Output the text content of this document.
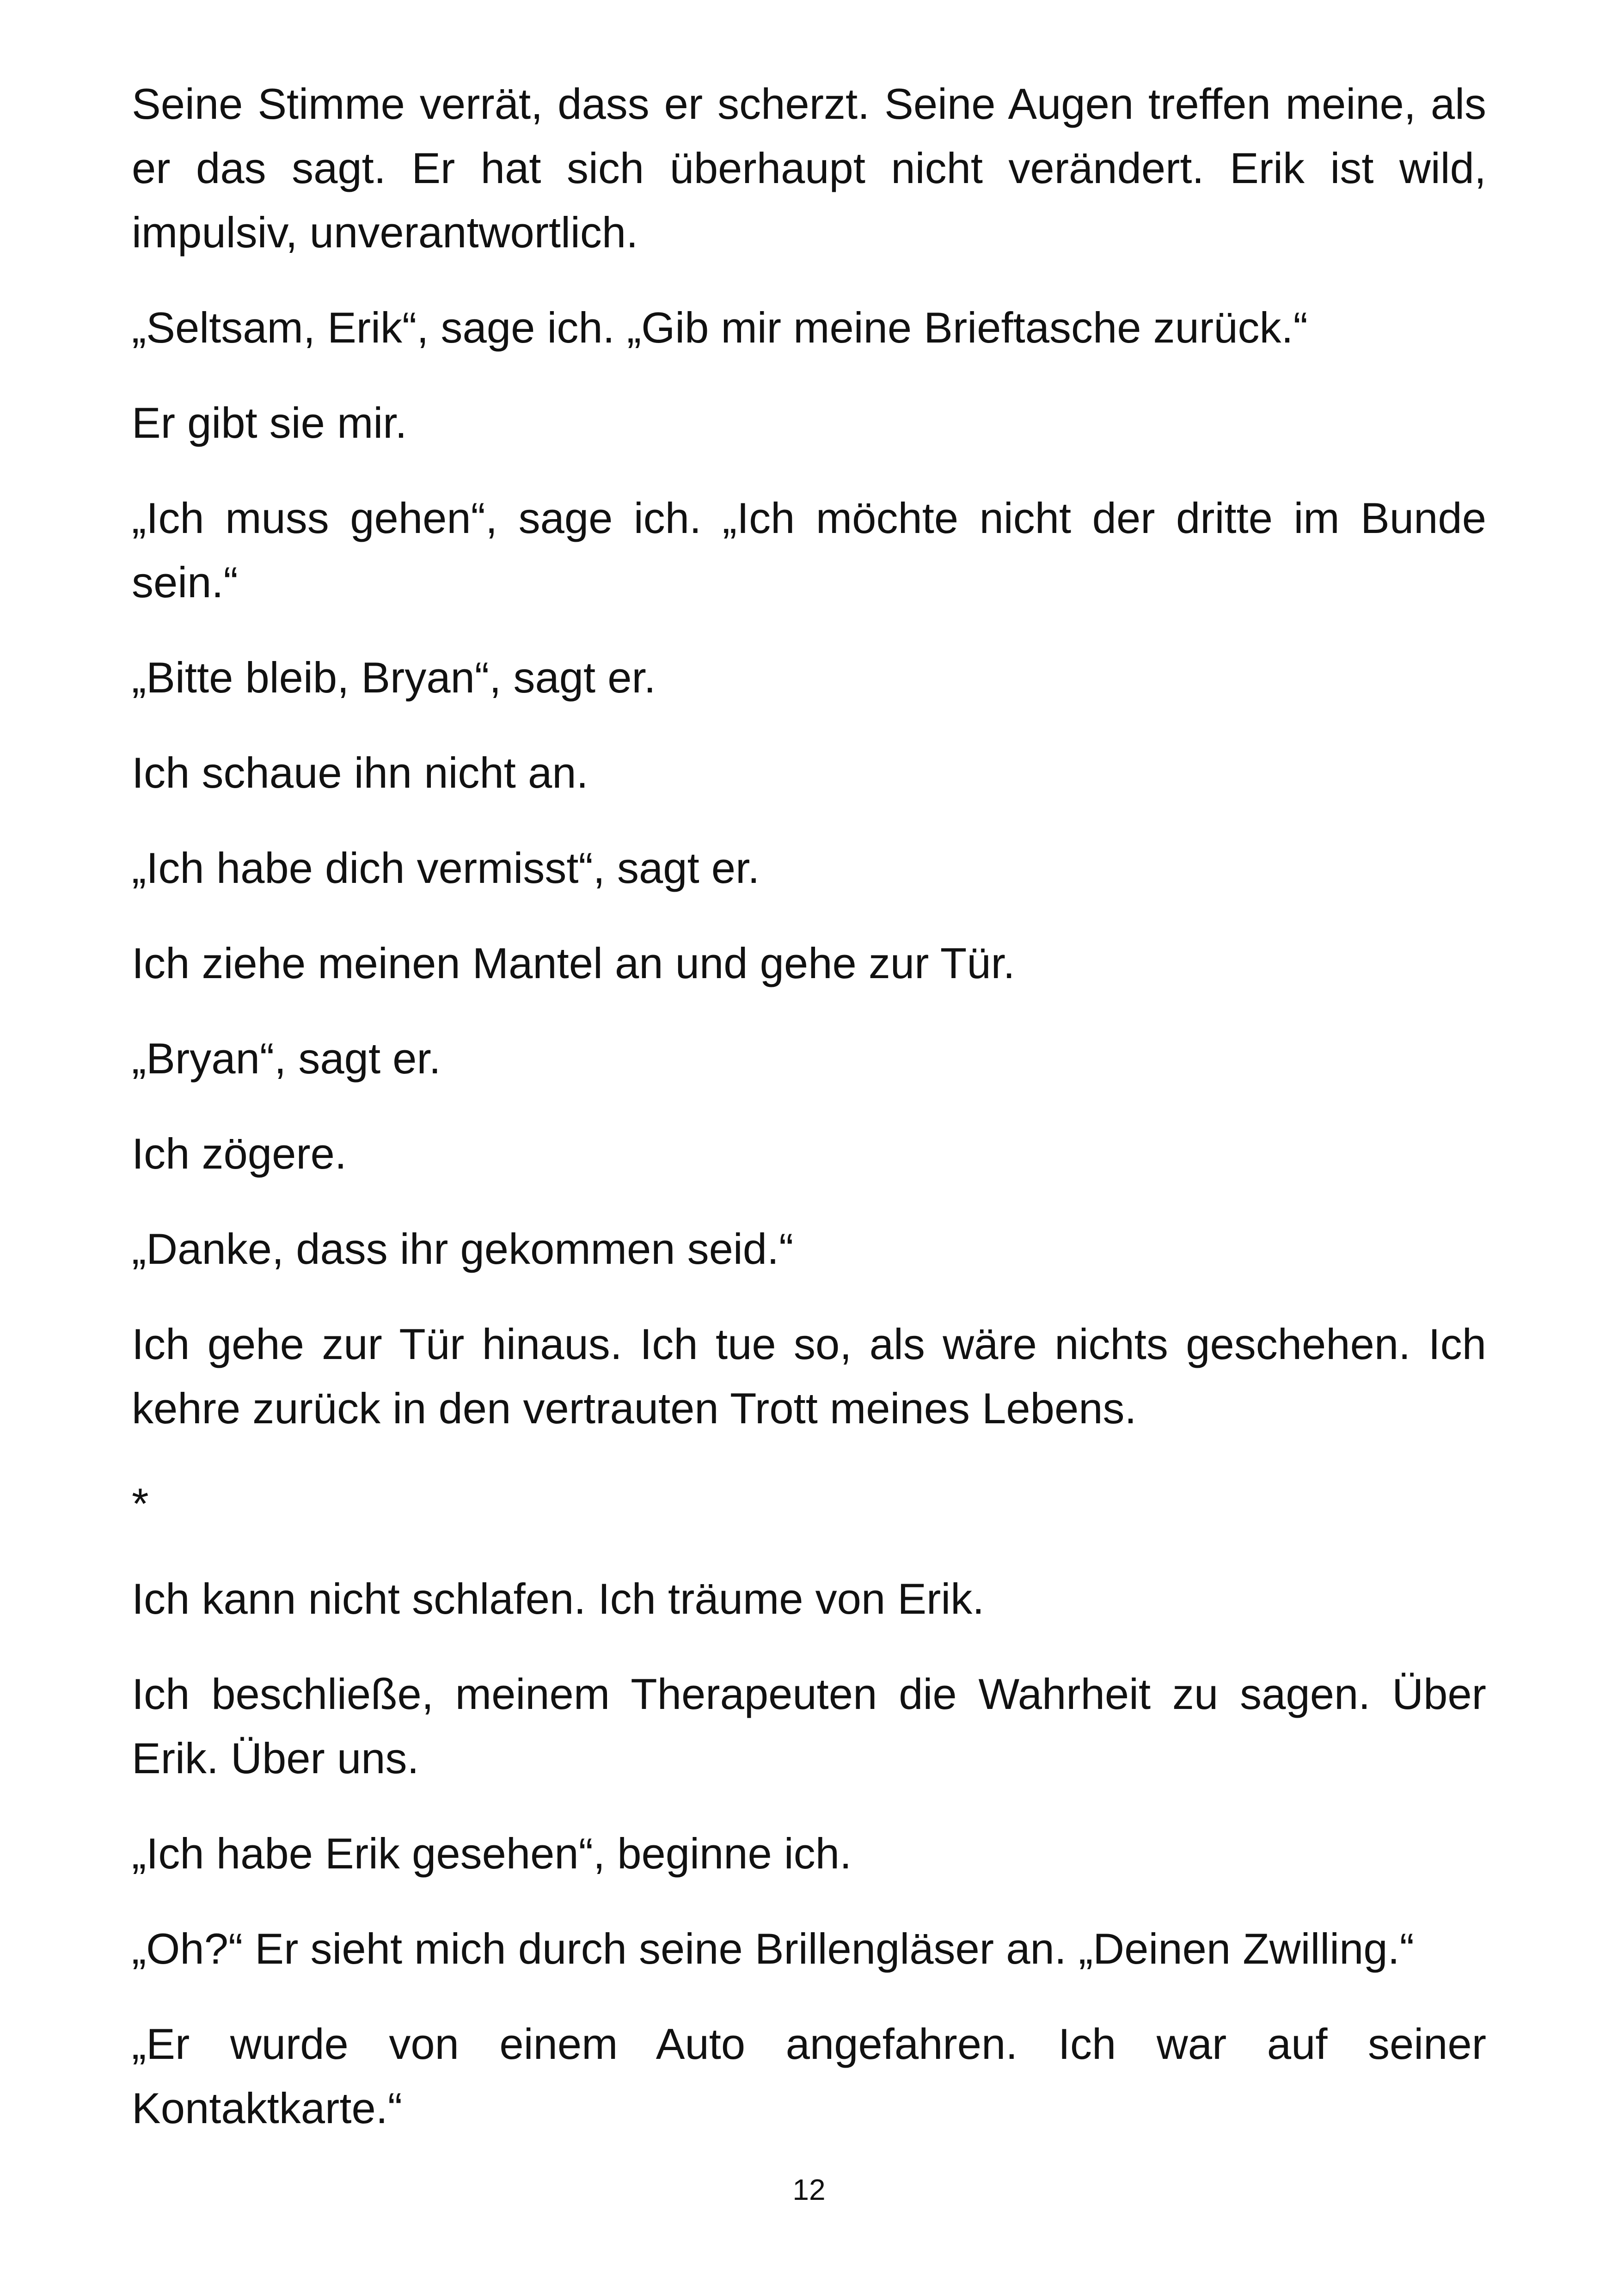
Seine Stimme verrät, dass er scherzt. Seine Augen treffen meine, als er das sagt. Er hat sich überhaupt nicht verändert. Erik ist wild, impulsiv, unverantwortlich.

„Seltsam, Erik“, sage ich. „Gib mir meine Brieftasche zurück.“

Er gibt sie mir.

„Ich muss gehen“, sage ich. „Ich möchte nicht der dritte im Bunde sein.“

„Bitte bleib, Bryan“, sagt er.

Ich schaue ihn nicht an.

„Ich habe dich vermisst“, sagt er.

Ich ziehe meinen Mantel an und gehe zur Tür.

„Bryan“, sagt er.

Ich zögere.

„Danke, dass ihr gekommen seid.“

Ich gehe zur Tür hinaus. Ich tue so, als wäre nichts geschehen. Ich kehre zurück in den vertrauten Trott meines Lebens.

*

Ich kann nicht schlafen. Ich träume von Erik.

Ich beschließe, meinem Therapeuten die Wahrheit zu sagen. Über Erik. Über uns.

„Ich habe Erik gesehen“, beginne ich.

„Oh?“ Er sieht mich durch seine Brillengläser an. „Deinen Zwilling.“

„Er wurde von einem Auto angefahren. Ich war auf seiner Kontaktkarte.“

12
